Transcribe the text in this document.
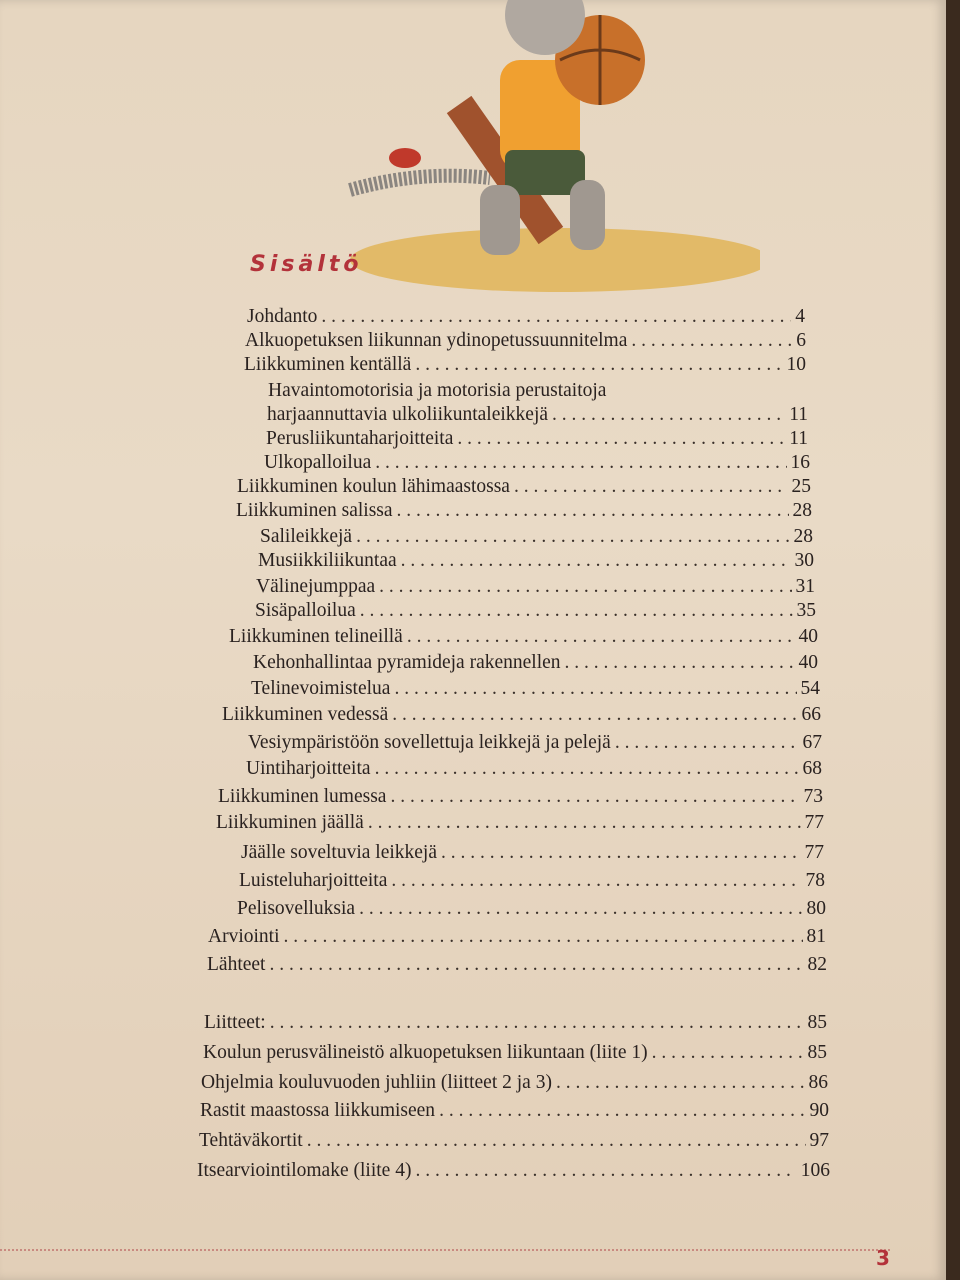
Sisältö
Johdanto . . .	4
Alkuopetuksen liikunnan ydinopetussuunnitelma . . .	6
Liikkuminen kentällä . . .	10
Havaintomotorisia ja motorisia perustaitoja
harjaannuttavia ulkoliikuntaleikkejä . . .	11
Perusliikuntaharjoitteita . . .	11
Ulkopalloilua . . .	16
Liikkuminen koulun lähimaastossa . . .	25
Liikkuminen salissa . . .	28
Salileikkejä . . .	28
Musiikkiliikuntaa . . .	30
Välinejumppaa . . .	31
Sisäpalloilua . . .	35
Liikkuminen telineillä . . .	40
Kehonhallintaa pyramideja rakennellen . . .	40
Telinevoimistelua . . .	54
Liikkuminen vedessä . . .	66
Vesiympäristöön sovellettuja leikkejä ja pelejä . . .	67
Uintiharjoitteita . . .	68
Liikkuminen lumessa . . .	73
Liikkuminen jäällä . . .	77
Jäälle soveltuvia leikkejä . . .	77
Luisteluharjoitteita . . .	78
Pelisovelluksia . . .	80
Arviointi . . .	81
Lähteet . . .	82
Liitteet: . . .	85
Koulun perusvälineistö alkuopetuksen liikuntaan (liite 1) . . .	85
Ohjelmia kouluvuoden juhliin (liitteet 2 ja 3) . . .	86
Rastit maastossa liikkumiseen . . .	90
Tehtäväkortit . . .	97
Itsearviointilomake (liite 4) . . .	106
3
